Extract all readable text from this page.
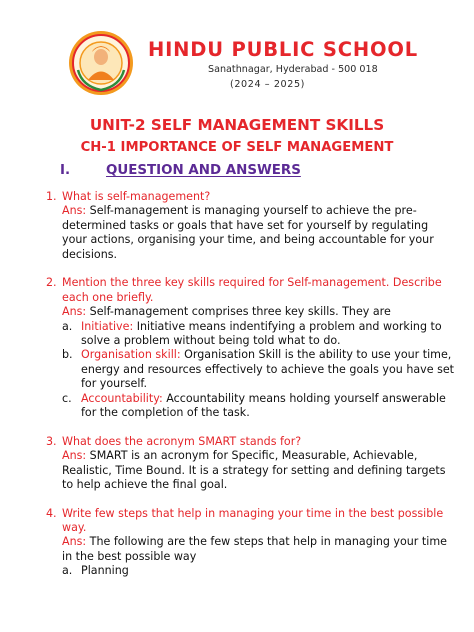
HINDU PUBLIC SCHOOL
Sanathnagar, Hyderabad - 500 018
(2024 – 2025)
UNIT-2 SELF MANAGEMENT SKILLS
CH-1 IMPORTANCE OF SELF MANAGEMENT
I.	QUESTION AND ANSWERS
1. What is self-management?
Ans: Self-management is managing yourself to achieve the pre-determined tasks or goals that have set for yourself by regulating your actions, organising your time, and being accountable for your decisions.
2. Mention the three key skills required for Self-management. Describe each one briefly.
Ans: Self-management comprises three key skills. They are
a. Initiative: Initiative means indentifying a problem and working to solve a problem without being told what to do.
b. Organisation skill: Organisation Skill is the ability to use your time, energy and resources effectively to achieve the goals you have set for yourself.
c. Accountability: Accountability means holding yourself answerable for the completion of the task.
3. What does the acronym SMART stands for?
Ans: SMART is an acronym for Specific, Measurable, Achievable, Realistic, Time Bound. It is a strategy for setting and defining targets to help achieve the final goal.
4. Write few steps that help in managing your time in the best possible way.
Ans: The following are the few steps that help in managing your time in the best possible way
a. Planning
